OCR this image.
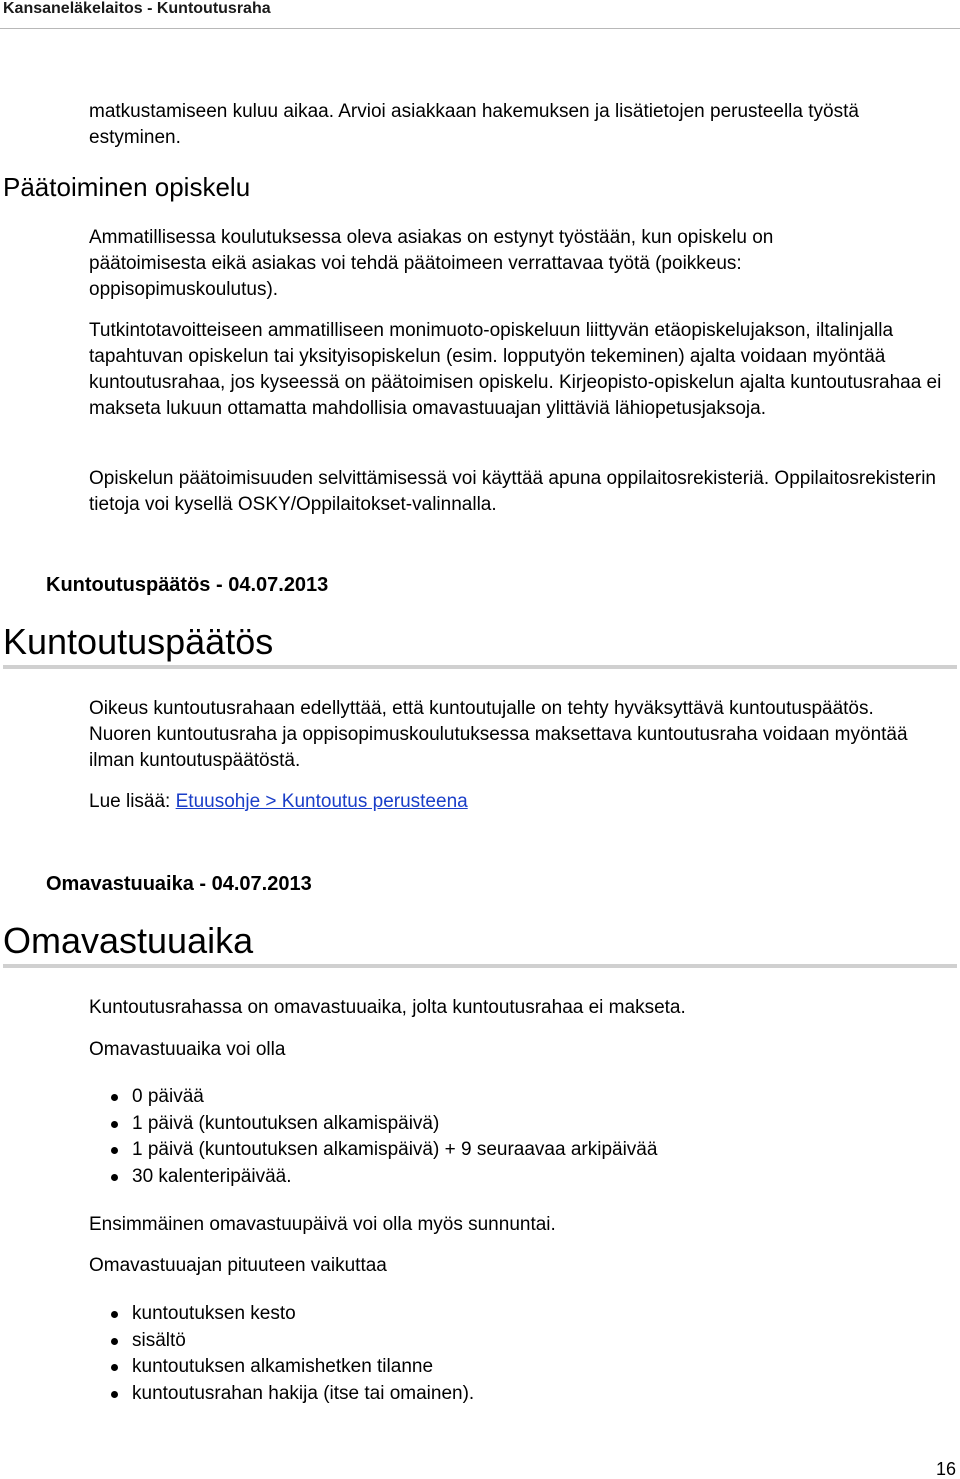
Kansaneläkelaitos - Kuntoutusraha

matkustamiseen kuluu aikaa. Arvioi asiakkaan hakemuksen ja lisätietojen perusteella työstä estyminen.

Päätoiminen opiskelu

Ammatillisessa koulutuksessa oleva asiakas on estynyt työstään, kun opiskelu on päätoimisesta eikä asiakas voi tehdä päätoimeen verrattavaa työtä (poikkeus: oppisopimuskoulutus).

Tutkintotavoitteiseen ammatilliseen monimuoto-opiskeluun liittyvän etäopiskelujakson, iltalinjalla tapahtuvan opiskelun tai yksityisopiskelun (esim. lopputyön tekeminen) ajalta voidaan myöntää kuntoutusrahaa, jos kyseessä on päätoimisen opiskelu. Kirjeopisto-opiskelun ajalta kuntoutusrahaa ei makseta lukuun ottamatta mahdollisia omavastuuajan ylittäviä lähiopetusjaksoja.

Opiskelun päätoimisuuden selvittämisessä voi käyttää apuna oppilaitosrekisteriä. Oppilaitosrekisterin tietoja voi kysellä OSKY/Oppilaitokset-valinnalla.

Kuntoutuspäätös - 04.07.2013
Kuntoutuspäätös

Oikeus kuntoutusrahaan edellyttää, että kuntoutujalle on tehty hyväksyttävä kuntoutuspäätös. Nuoren kuntoutusraha ja oppisopimuskoulutuksessa maksettava kuntoutusraha voidaan myöntää ilman kuntoutuspäätöstä.

Lue lisää: Etuusohje > Kuntoutus perusteena
Omavastuuaika - 04.07.2013
Omavastuuaika

Kuntoutusrahassa on omavastuuaika, jolta kuntoutusrahaa ei makseta.

Omavastuuaika voi olla

0 päivää
1 päivä (kuntoutuksen alkamispäivä)
1 päivä (kuntoutuksen alkamispäivä) + 9 seuraavaa arkipäivää
30 kalenteripäivää.

Ensimmäinen omavastuupäivä voi olla myös sunnuntai.

Omavastuuajan pituuteen vaikuttaa

kuntoutuksen kesto
sisältö
kuntoutuksen alkamishetken tilanne
kuntoutusrahan hakija (itse tai omainen).
16
